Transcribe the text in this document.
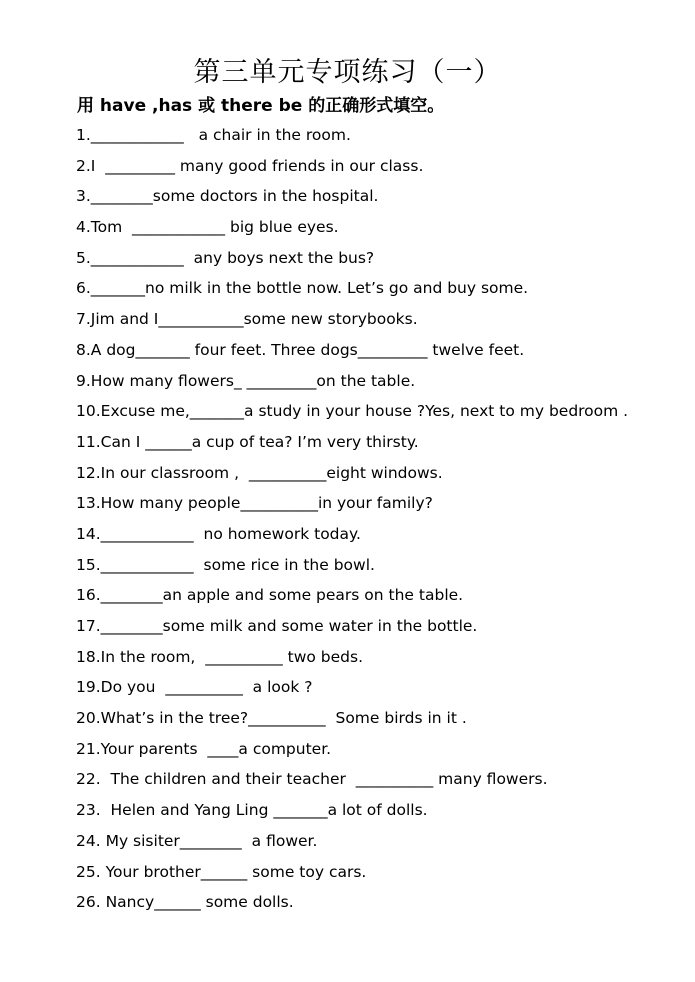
第三单元专项练习（一）
用 have ,has 或 there be 的正确形式填空。
1.____________   a chair in the room.
2.I  _________ many good friends in our class.
3.________some doctors in the hospital.
4.Tom  ____________ big blue eyes.
5.____________  any boys next the bus?
6._______no milk in the bottle now. Let’s go and buy some.
7.Jim and I___________some new storybooks.
8.A dog_______ four feet. Three dogs_________ twelve feet.
9.How many flowers_ _________on the table.
10.Excuse me,_______a study in your house ?Yes, next to my bedroom .
11.Can I ______a cup of tea? I’m very thirsty.
12.In our classroom ,  __________eight windows.
13.How many people__________in your family?
14.____________  no homework today.
15.____________  some rice in the bowl.
16.________an apple and some pears on the table.
17.________some milk and some water in the bottle.
18.In the room,  __________ two beds.
19.Do you  __________  a look ?
20.What’s in the tree?__________  Some birds in it .
21.Your parents  ____a computer.
22.  The children and their teacher  __________ many flowers.
23.  Helen and Yang Ling _______a lot of dolls.
24. My sisiter________  a flower.
25. Your brother______ some toy cars.
26. Nancy______ some dolls.
